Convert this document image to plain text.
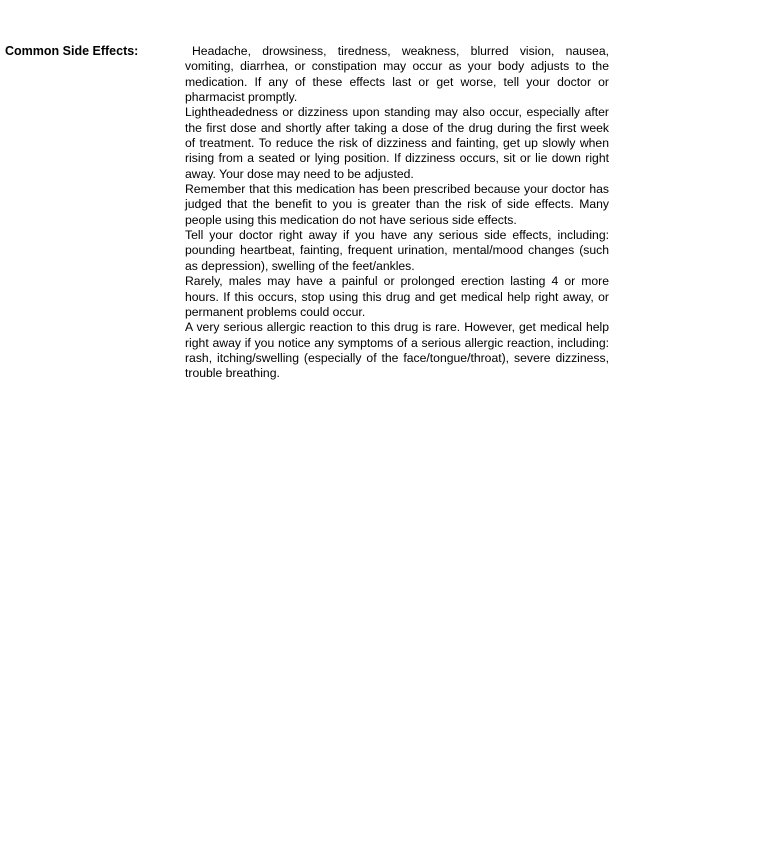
Common Side Effects:	Headache, drowsiness, tiredness, weakness, blurred vision, nausea, vomiting, diarrhea, or constipation may occur as your body adjusts to the medication. If any of these effects last or get worse, tell your doctor or pharmacist promptly.

Lightheadedness or dizziness upon standing may also occur, especially after the first dose and shortly after taking a dose of the drug during the first week of treatment. To reduce the risk of dizziness and fainting, get up slowly when rising from a seated or lying position. If dizziness occurs, sit or lie down right away. Your dose may need to be adjusted.

Remember that this medication has been prescribed because your doctor has judged that the benefit to you is greater than the risk of side effects. Many people using this medication do not have serious side effects.

Tell your doctor right away if you have any serious side effects, including: pounding heartbeat, fainting, frequent urination, mental/mood changes (such as depression), swelling of the feet/ankles.

Rarely, males may have a painful or prolonged erection lasting 4 or more hours. If this occurs, stop using this drug and get medical help right away, or permanent problems could occur.

A very serious allergic reaction to this drug is rare. However, get medical help right away if you notice any symptoms of a serious allergic reaction, including: rash, itching/swelling (especially of the face/tongue/throat), severe dizziness, trouble breathing.
